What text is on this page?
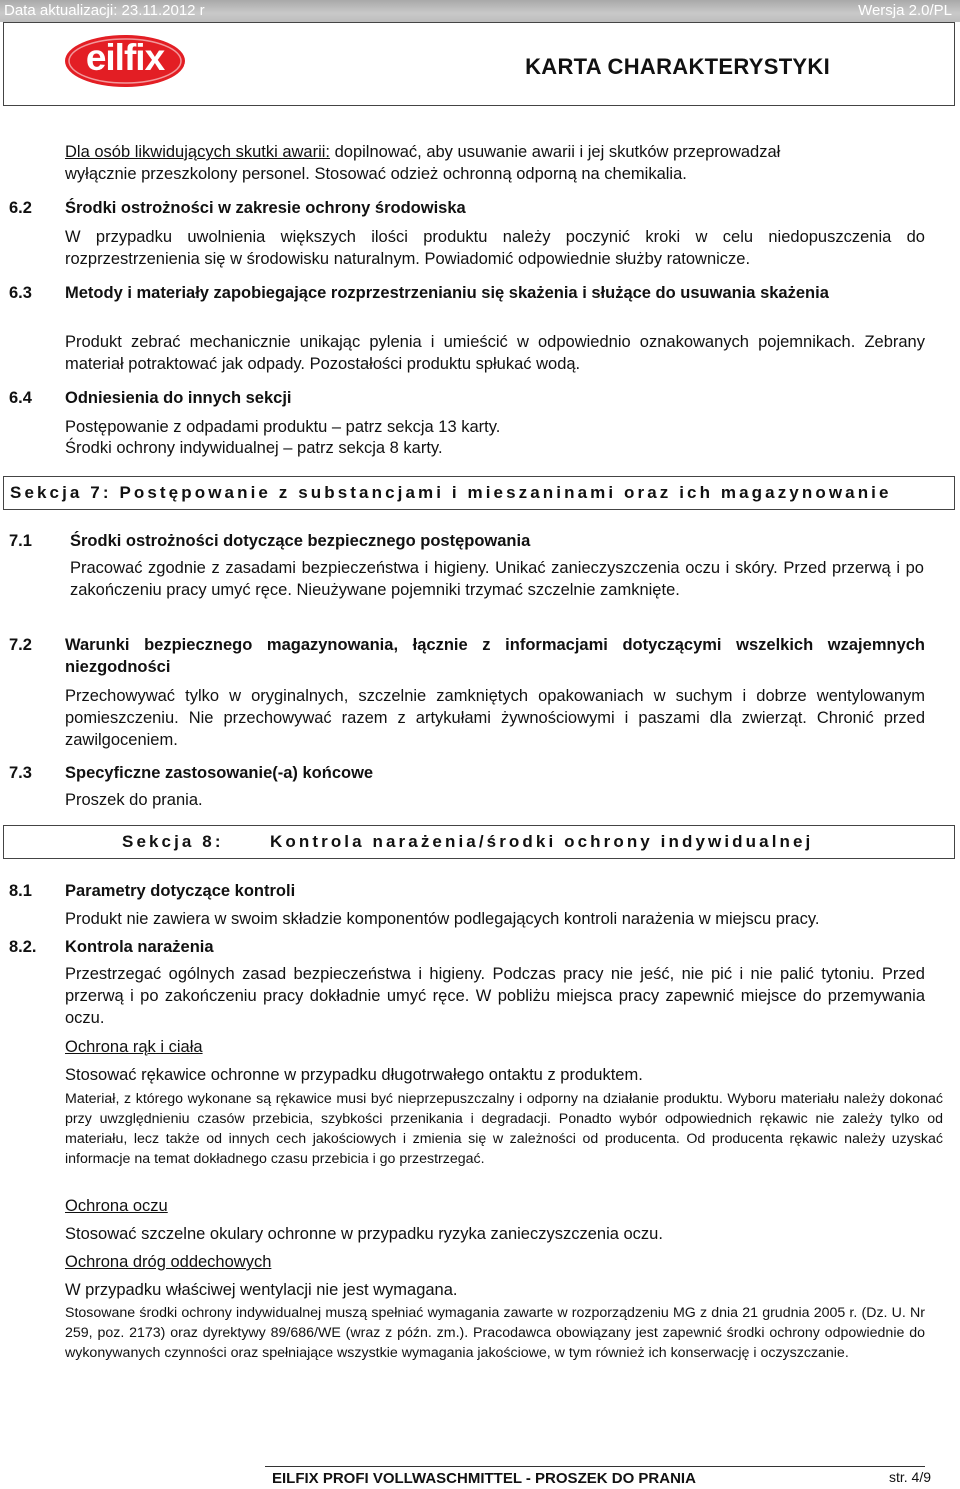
Data aktualizacji: 23.11.2012 r	Wersja 2.0/PL
eilfix	®	KARTA CHARAKTERYSTYKI
Dla osób likwidujących skutki awarii: dopilnować, aby usuwanie awarii i jej skutków przeprowadzał
wyłącznie przeszkolony personel. Stosować odzież ochronną odporną na chemikalia.
6.2 Środki ostrożności w zakresie ochrony środowiska
W przypadku uwolnienia większych ilości produktu należy poczynić kroki w celu niedopuszczenia do rozprzestrzenienia się w środowisku naturalnym. Powiadomić odpowiednie służby ratownicze.
6.3 Metody i materiały zapobiegające rozprzestrzenianiu się skażenia i służące do usuwania skażenia
Produkt zebrać mechanicznie unikając pylenia i umieścić w odpowiednio oznakowanych pojemnikach. Zebrany materiał potraktować jak odpady. Pozostałości produktu spłukać wodą.
6.4 Odniesienia do innych sekcji
Postępowanie z odpadami produktu – patrz sekcja 13 karty.
Środki ochrony indywidualnej – patrz sekcja 8 karty.
Sekcja 7: Postępowanie z substancjami i mieszaninami oraz ich magazynowanie
7.1 Środki ostrożności dotyczące bezpiecznego postępowania
Pracować zgodnie z zasadami bezpieczeństwa i higieny. Unikać zanieczyszczenia oczu i skóry. Przed przerwą i po zakończeniu pracy umyć ręce. Nieużywane pojemniki trzymać szczelnie zamknięte.
7.2 Warunki bezpiecznego magazynowania, łącznie z informacjami dotyczącymi wszelkich wzajemnych niezgodności
Przechowywać tylko w oryginalnych, szczelnie zamkniętych opakowaniach w suchym i dobrze wentylowanym pomieszczeniu. Nie przechowywać razem z artykułami żywnościowymi i paszami dla zwierząt. Chronić przed zawilgoceniem.
7.3 Specyficzne zastosowanie(-a) końcowe
Proszek do prania.
Sekcja 8:	Kontrola narażenia/środki ochrony indywidualnej
8.1 Parametry dotyczące kontroli
Produkt nie zawiera w swoim składzie komponentów podlegających kontroli narażenia w miejscu pracy.
8.2. Kontrola narażenia
Przestrzegać ogólnych zasad bezpieczeństwa i higieny. Podczas pracy nie jeść, nie pić i nie palić tytoniu. Przed przerwą i po zakończeniu pracy dokładnie umyć ręce. W pobliżu miejsca pracy zapewnić miejsce do przemywania oczu.
Ochrona rąk i ciała
Stosować rękawice ochronne w przypadku długotrwałego ontaktu z produktem.
Materiał, z którego wykonane są rękawice musi być nieprzepuszczalny i odporny na działanie produktu. Wyboru materiału należy dokonać przy uwzględnieniu czasów przebicia, szybkości przenikania i degradacji. Ponadto wybór odpowiednich rękawic nie zależy tylko od materiału, lecz także od innych cech jakościowych i zmienia się w zależności od producenta. Od producenta rękawic należy uzyskać informacje na temat dokładnego czasu przebicia i go przestrzegać.
Ochrona oczu
Stosować szczelne okulary ochronne w przypadku ryzyka zanieczyszczenia oczu.
Ochrona dróg oddechowych
W przypadku właściwej wentylacji nie jest wymagana.
Stosowane środki ochrony indywidualnej muszą spełniać wymagania zawarte w rozporządzeniu MG z dnia 21 grudnia 2005 r. (Dz. U. Nr 259, poz. 2173) oraz dyrektywy 89/686/WE (wraz z późn. zm.). Pracodawca obowiązany jest zapewnić środki ochrony odpowiednie do wykonywanych czynności oraz spełniające wszystkie wymagania jakościowe, w tym również ich konserwację i oczyszczanie.
EILFIX PROFI VOLLWASCHMITTEL - PROSZEK DO PRANIA	str. 4/9
